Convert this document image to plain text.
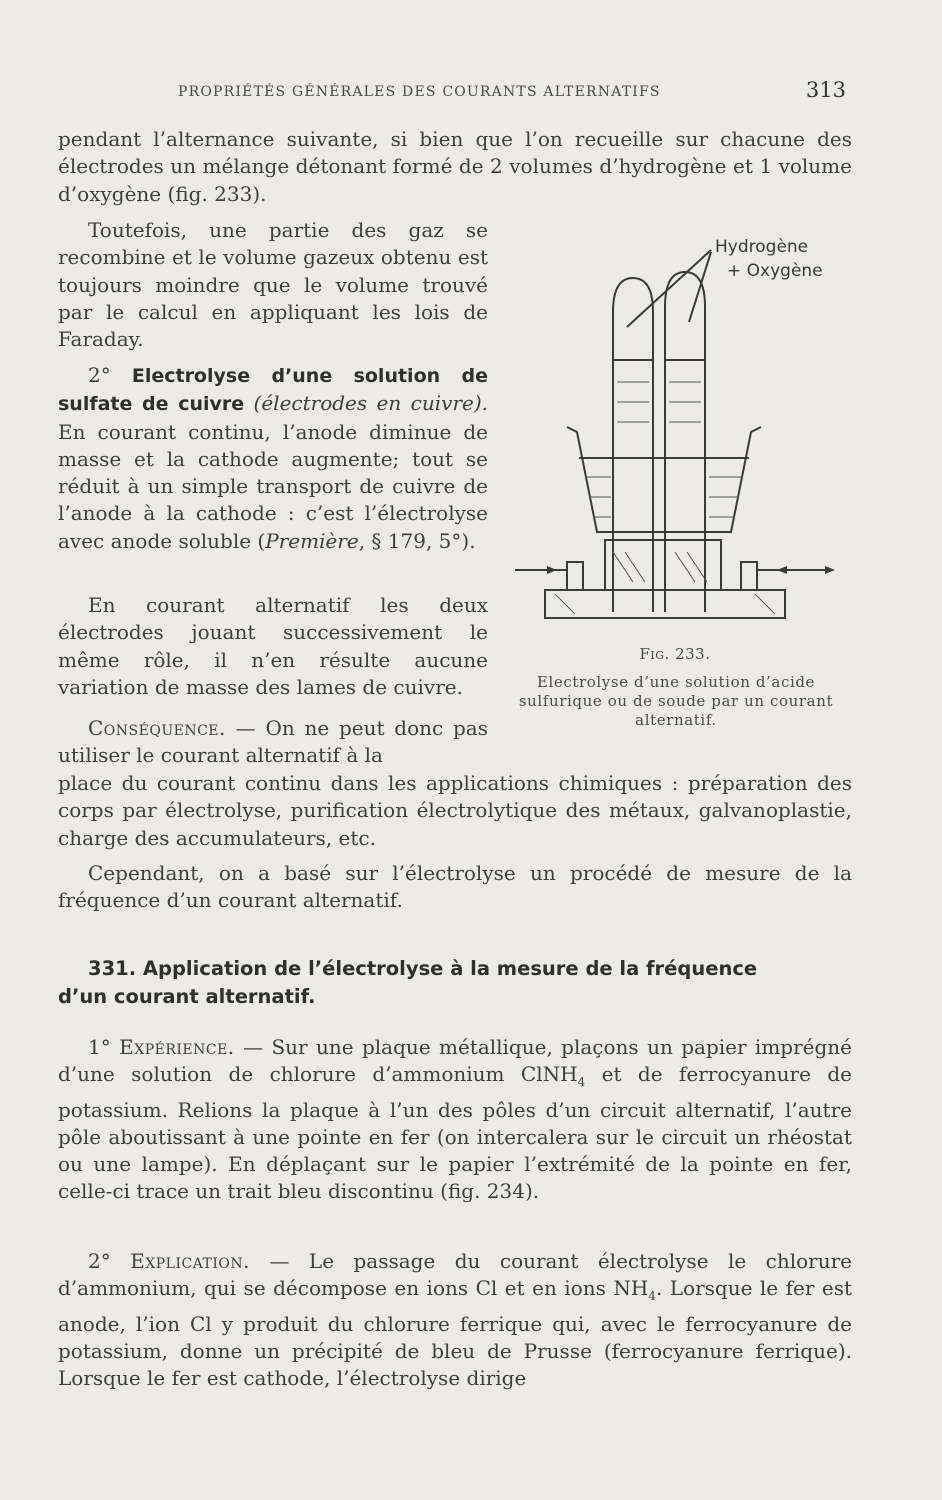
PROPRIÉTÉS GÉNÉRALES DES COURANTS ALTERNATIFS	313

pendant l’alternance suivante, si bien que l’on recueille sur chacune des électrodes un mélange détonant formé de 2 volumes d’hydrogène et 1 volume d’oxygène (fig. 233).

Toutefois, une partie des gaz se recombine et le volume gazeux obtenu est toujours moindre que le volume trouvé par le calcul en appliquant les lois de Faraday.

2° Electrolyse d’une solution de sulfate de cuivre (électrodes en cuivre). En courant continu, l’anode diminue de masse et la cathode augmente; tout se réduit à un simple transport de cuivre de l’anode à la cathode : c’est l’électrolyse avec anode soluble (Première, § 179, 5°).

En courant alternatif les deux électrodes jouant successivement le même rôle, il n’en résulte aucune variation de masse des lames de cuivre.

Conséquence. — On ne peut donc pas utiliser le courant alternatif à la

place du courant continu dans les applications chimiques : préparation des corps par électrolyse, purification électrolytique des métaux, galvanoplastie, charge des accumulateurs, etc.

Cependant, on a basé sur l’électrolyse un procédé de mesure de la fréquence d’un courant alternatif.

Hydrogène
+ Oxygène
Fig. 233.
Electrolyse d’une solution d’acide sulfurique ou de soude par un courant alternatif.
331. Application de l’électrolyse à la mesure de la fréquence
d’un courant alternatif.

1° Expérience. — Sur une plaque métallique, plaçons un papier imprégné d’une solution de chlorure d’ammonium ClNH$_4$ et de ferrocyanure de potassium. Relions la plaque à l’un des pôles d’un circuit alternatif, l’autre pôle aboutissant à une pointe en fer (on intercalera sur le circuit un rhéostat ou une lampe). En déplaçant sur le papier l’extrémité de la pointe en fer, celle-ci trace un trait bleu discontinu (fig. 234).

2° Explication. — Le passage du courant électrolyse le chlorure d’ammonium, qui se décompose en ions Cl et en ions $NH_4$. Lorsque le fer est anode, l’ion Cl y produit du chlorure ferrique qui, avec le ferrocyanure de potassium, donne un précipité de bleu de Prusse (ferrocyanure ferrique). Lorsque le fer est cathode, l’électrolyse dirige
